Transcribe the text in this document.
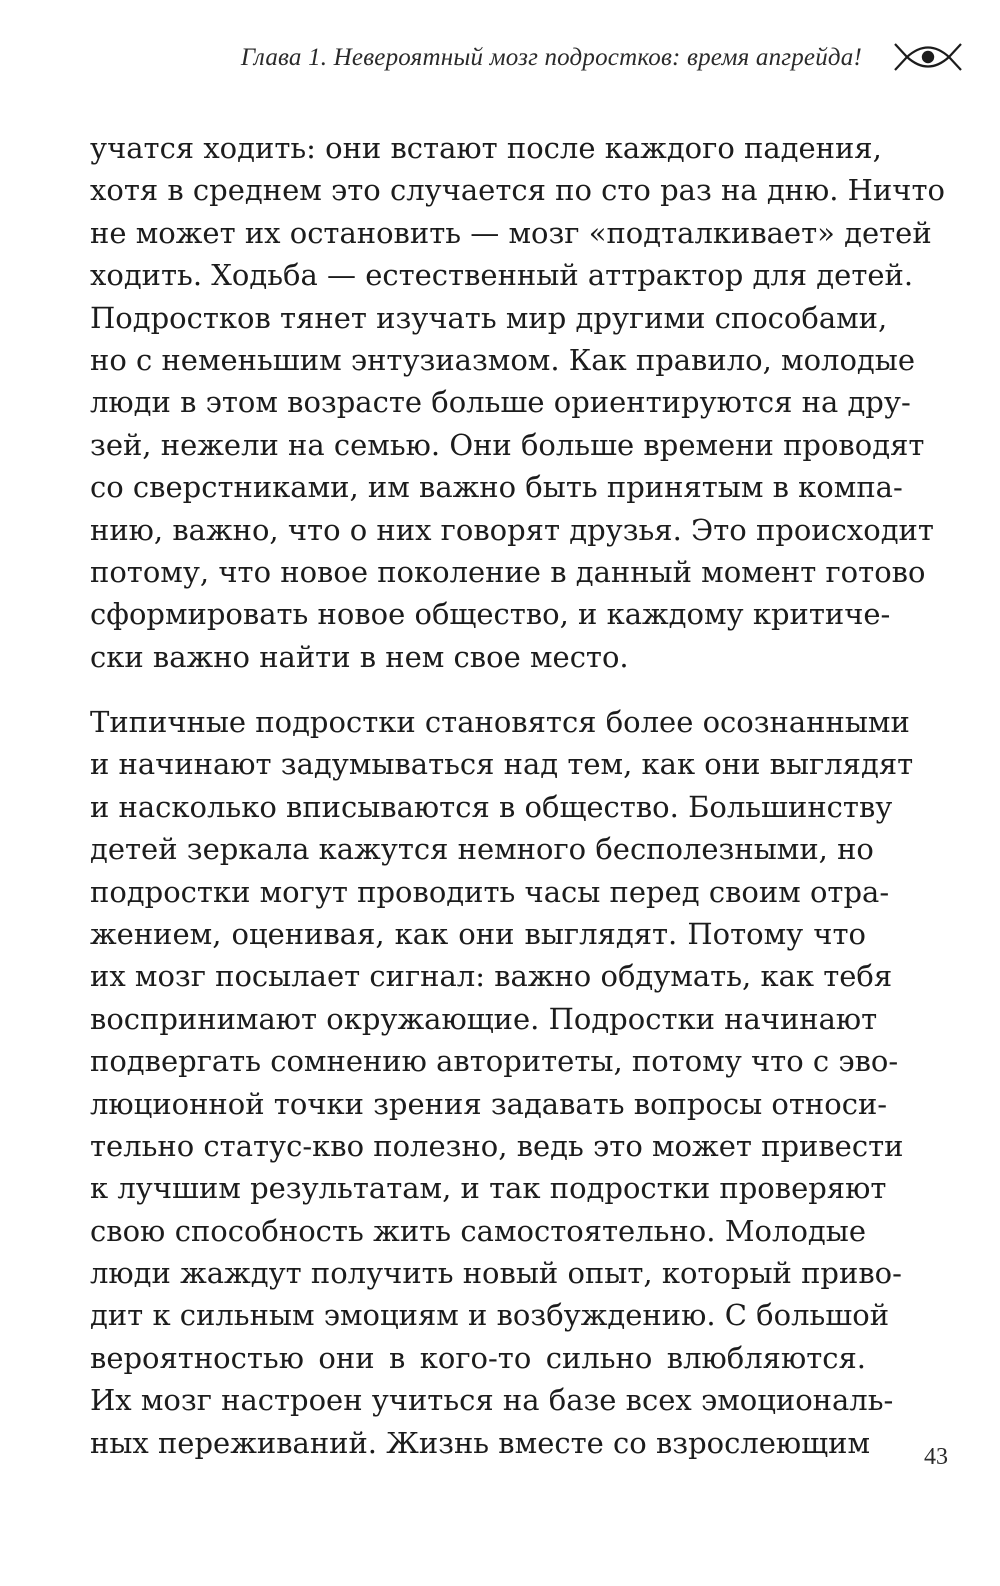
Глава 1. Невероятный мозг подростков: время апгрейда!
учатся ходить: они встают после каждого падения,
хотя в среднем это случается по сто раз на дню. Ничто
не может их остановить — мозг «подталкивает» детей
ходить. Ходьба — естественный аттрактор для детей.
Подростков тянет изучать мир другими способами,
но с неменьшим энтузиазмом. Как правило, молодые
люди в этом возрасте больше ориентируются на дру-
зей, нежели на семью. Они больше времени проводят
со сверстниками, им важно быть принятым в компа-
нию, важно, что о них говорят друзья. Это происходит
потому, что новое поколение в данный момент готово
сформировать новое общество, и каждому критиче-
ски важно найти в нем свое место.
Типичные подростки становятся более осознанными
и начинают задумываться над тем, как они выглядят
и насколько вписываются в общество. Большинству
детей зеркала кажутся немного бесполезными, но
подростки могут проводить часы перед своим отра-
жением, оценивая, как они выглядят. Потому что
их мозг посылает сигнал: важно обдумать, как тебя
воспринимают окружающие. Подростки начинают
подвергать сомнению авторитеты, потому что с эво-
люционной точки зрения задавать вопросы относи-
тельно статус-кво полезно, ведь это может привести
к лучшим результатам, и так подростки проверяют
свою способность жить самостоятельно. Молодые
люди жаждут получить новый опыт, который приво-
дит к сильным эмоциям и возбуждению. С большой
вероятностью они в кого-то сильно влюбляются.
Их мозг настроен учиться на базе всех эмоциональ-
ных переживаний. Жизнь вместе со взрослеющим 43
